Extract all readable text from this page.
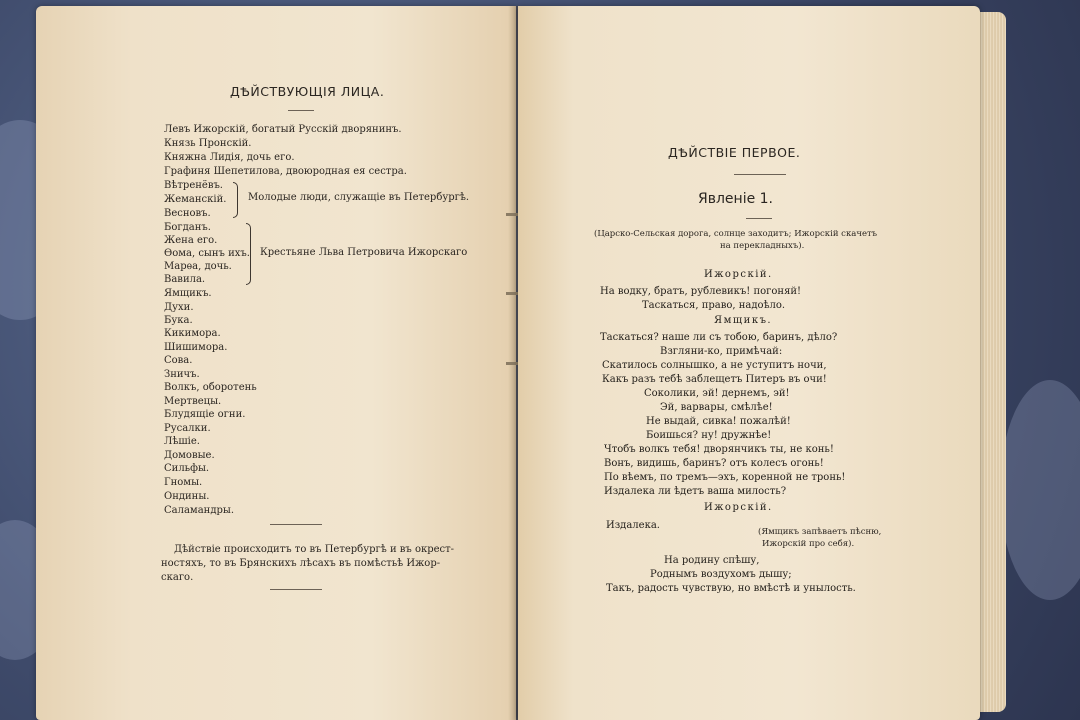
ДѢЙСТВУЮЩІЯ ЛИЦА.
Левъ Ижорскій, богатый Русскій дворянинъ.
Князь Пронскій.
Княжна Лидія, дочь его.
Графиня Шепетилова, двоюродная ея сестра.
Вѣтренёвъ.
Жеманскій.
Весновъ.
Молодые люди, служащіе въ Петербургѣ.
Богданъ.
Жена его.
Ѳома, сынъ ихъ.
Марѳа, дочь.
Вавила.
Крестьяне Льва Петровича Ижорскаго
Ямщикъ.
Духи.
Бука.
Кикимора.
Шишимора.
Сова.
Зничъ.
Волкъ, оборотень
Мертвецы.
Блудящіе огни.
Русалки.
Лѣшіе.
Домовые.
Сильфы.
Гномы.
Ондины.
Саламандры.
Дѣйствіе происходитъ то въ Петербургѣ и въ окрест-
ностяхъ, то въ Брянскихъ лѣсахъ въ помѣстьѣ Ижор-
скаго.
ДѢЙСТВІЕ ПЕРВОЕ.
Явленіе 1.
(Царско-Сельская дорога, солнце заходитъ; Ижорскій скачетъ
на перекладныхъ).
Ижорскій.
На водку, братъ, рублевикъ! погоняй!
Таскаться, право, надоѣло.
Ямщикъ.
Таскаться? наше ли съ тобою, баринъ, дѣло?
Взгляни-ко, примѣчай:
Скатилось солнышко, а не уступитъ ночи,
Какъ разъ тебѣ заблещетъ Питеръ въ очи!
Соколики, эй! дернемъ, эй!
Эй, варвары, смѣлѣе!
Не выдай, сивка! пожалѣй!
Боишься? ну! дружнѣе!
Чтобъ волкъ тебя! дворянчикъ ты, не конь!
Вонъ, видишь, баринъ? отъ колесъ огонь!
По вѣемъ, по тремъ—эхъ, коренной не тронь!
Издалека ли ѣдетъ ваша милость?
Ижорскій.
Издалека.
(Ямщикъ запѣваетъ пѣсню,
Ижорскій про себя).
На родину спѣшу,
Роднымъ воздухомъ дышу;
Такъ, радость чувствую, но вмѣстѣ и унылость.
